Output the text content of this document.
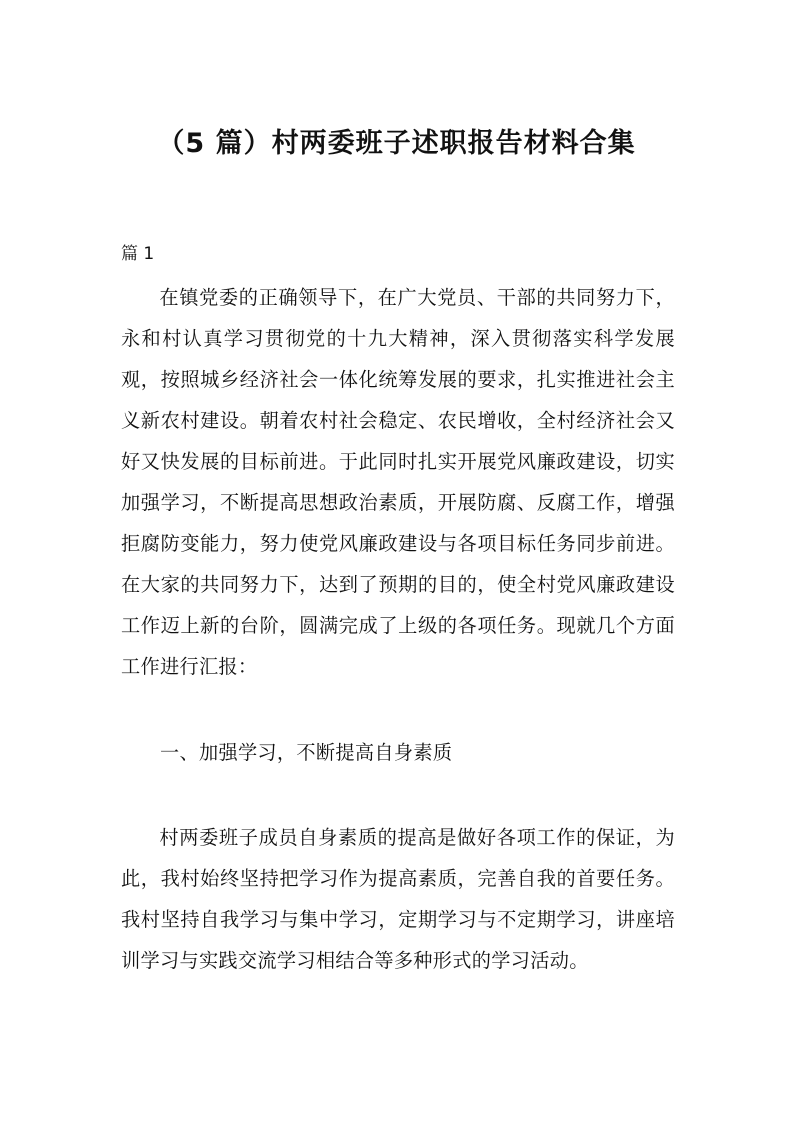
（5 篇）村两委班子述职报告材料合集
篇 1

在镇党委的正确领导下，在广大党员、干部的共同努力下，永和村认真学习贯彻党的十九大精神，深入贯彻落实科学发展观，按照城乡经济社会一体化统筹发展的要求，扎实推进社会主义新农村建设。朝着农村社会稳定、农民增收，全村经济社会又好又快发展的目标前进。于此同时扎实开展党风廉政建设，切实加强学习，不断提高思想政治素质，开展防腐、反腐工作，增强拒腐防变能力，努力使党风廉政建设与各项目标任务同步前进。在大家的共同努力下，达到了预期的目的，使全村党风廉政建设工作迈上新的台阶，圆满完成了上级的各项任务。现就几个方面工作进行汇报：

一、加强学习，不断提高自身素质

村两委班子成员自身素质的提高是做好各项工作的保证，为此，我村始终坚持把学习作为提高素质，完善自我的首要任务。我村坚持自我学习与集中学习，定期学习与不定期学习，讲座培训学习与实践交流学习相结合等多种形式的学习活动。
